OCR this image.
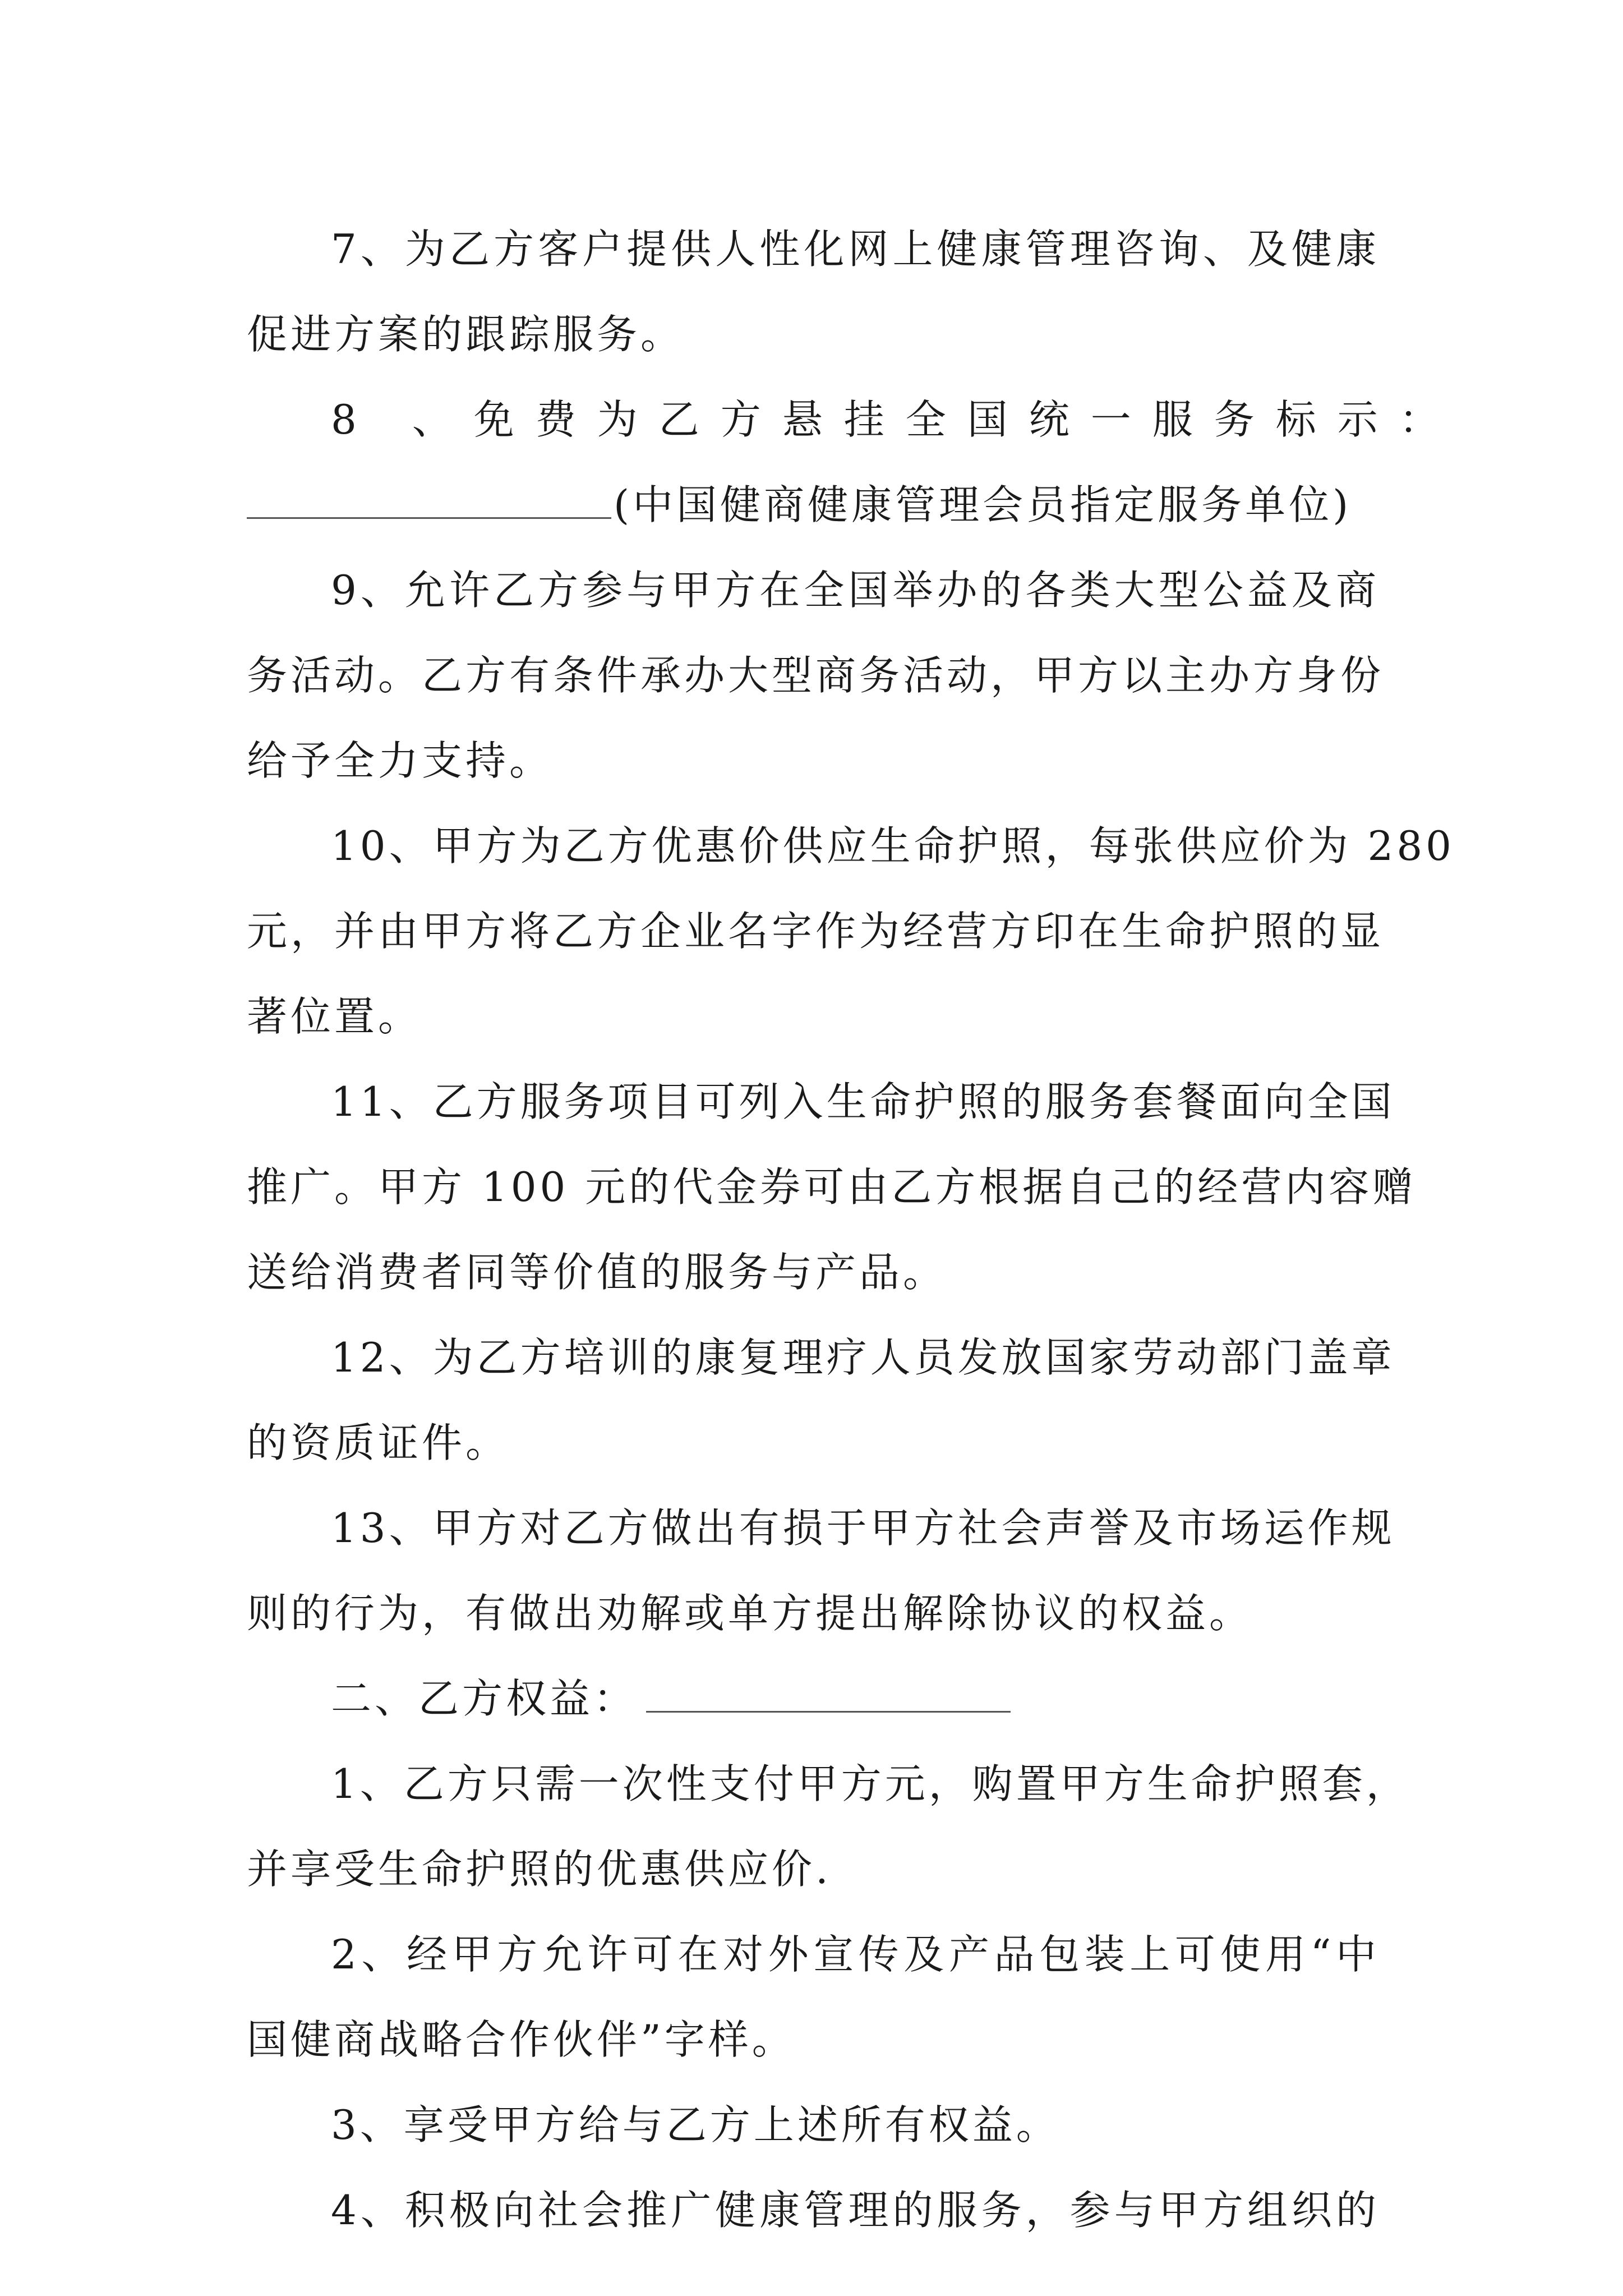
7、为乙方客户提供人性化网上健康管理咨询、及健康
促进方案的跟踪服务。
8 、免费为乙方悬挂全国统一服务标示：
(中国健商健康管理会员指定服务单位)
9、允许乙方参与甲方在全国举办的各类大型公益及商
务活动。乙方有条件承办大型商务活动，甲方以主办方身份
给予全力支持。
10、甲方为乙方优惠价供应生命护照，每张供应价为 280
元，并由甲方将乙方企业名字作为经营方印在生命护照的显
著位置。
11、乙方服务项目可列入生命护照的服务套餐面向全国
推广。甲方 100 元的代金券可由乙方根据自己的经营内容赠
送给消费者同等价值的服务与产品。
12、为乙方培训的康复理疗人员发放国家劳动部门盖章
的资质证件。
13、甲方对乙方做出有损于甲方社会声誉及市场运作规
则的行为，有做出劝解或单方提出解除协议的权益。
二、乙方权益：
1、乙方只需一次性支付甲方元，购置甲方生命护照套，
并享受生命护照的优惠供应价.
2、经甲方允许可在对外宣传及产品包装上可使用“中
国健商战略合作伙伴”字样。
3、享受甲方给与乙方上述所有权益。
4、积极向社会推广健康管理的服务，参与甲方组织的
